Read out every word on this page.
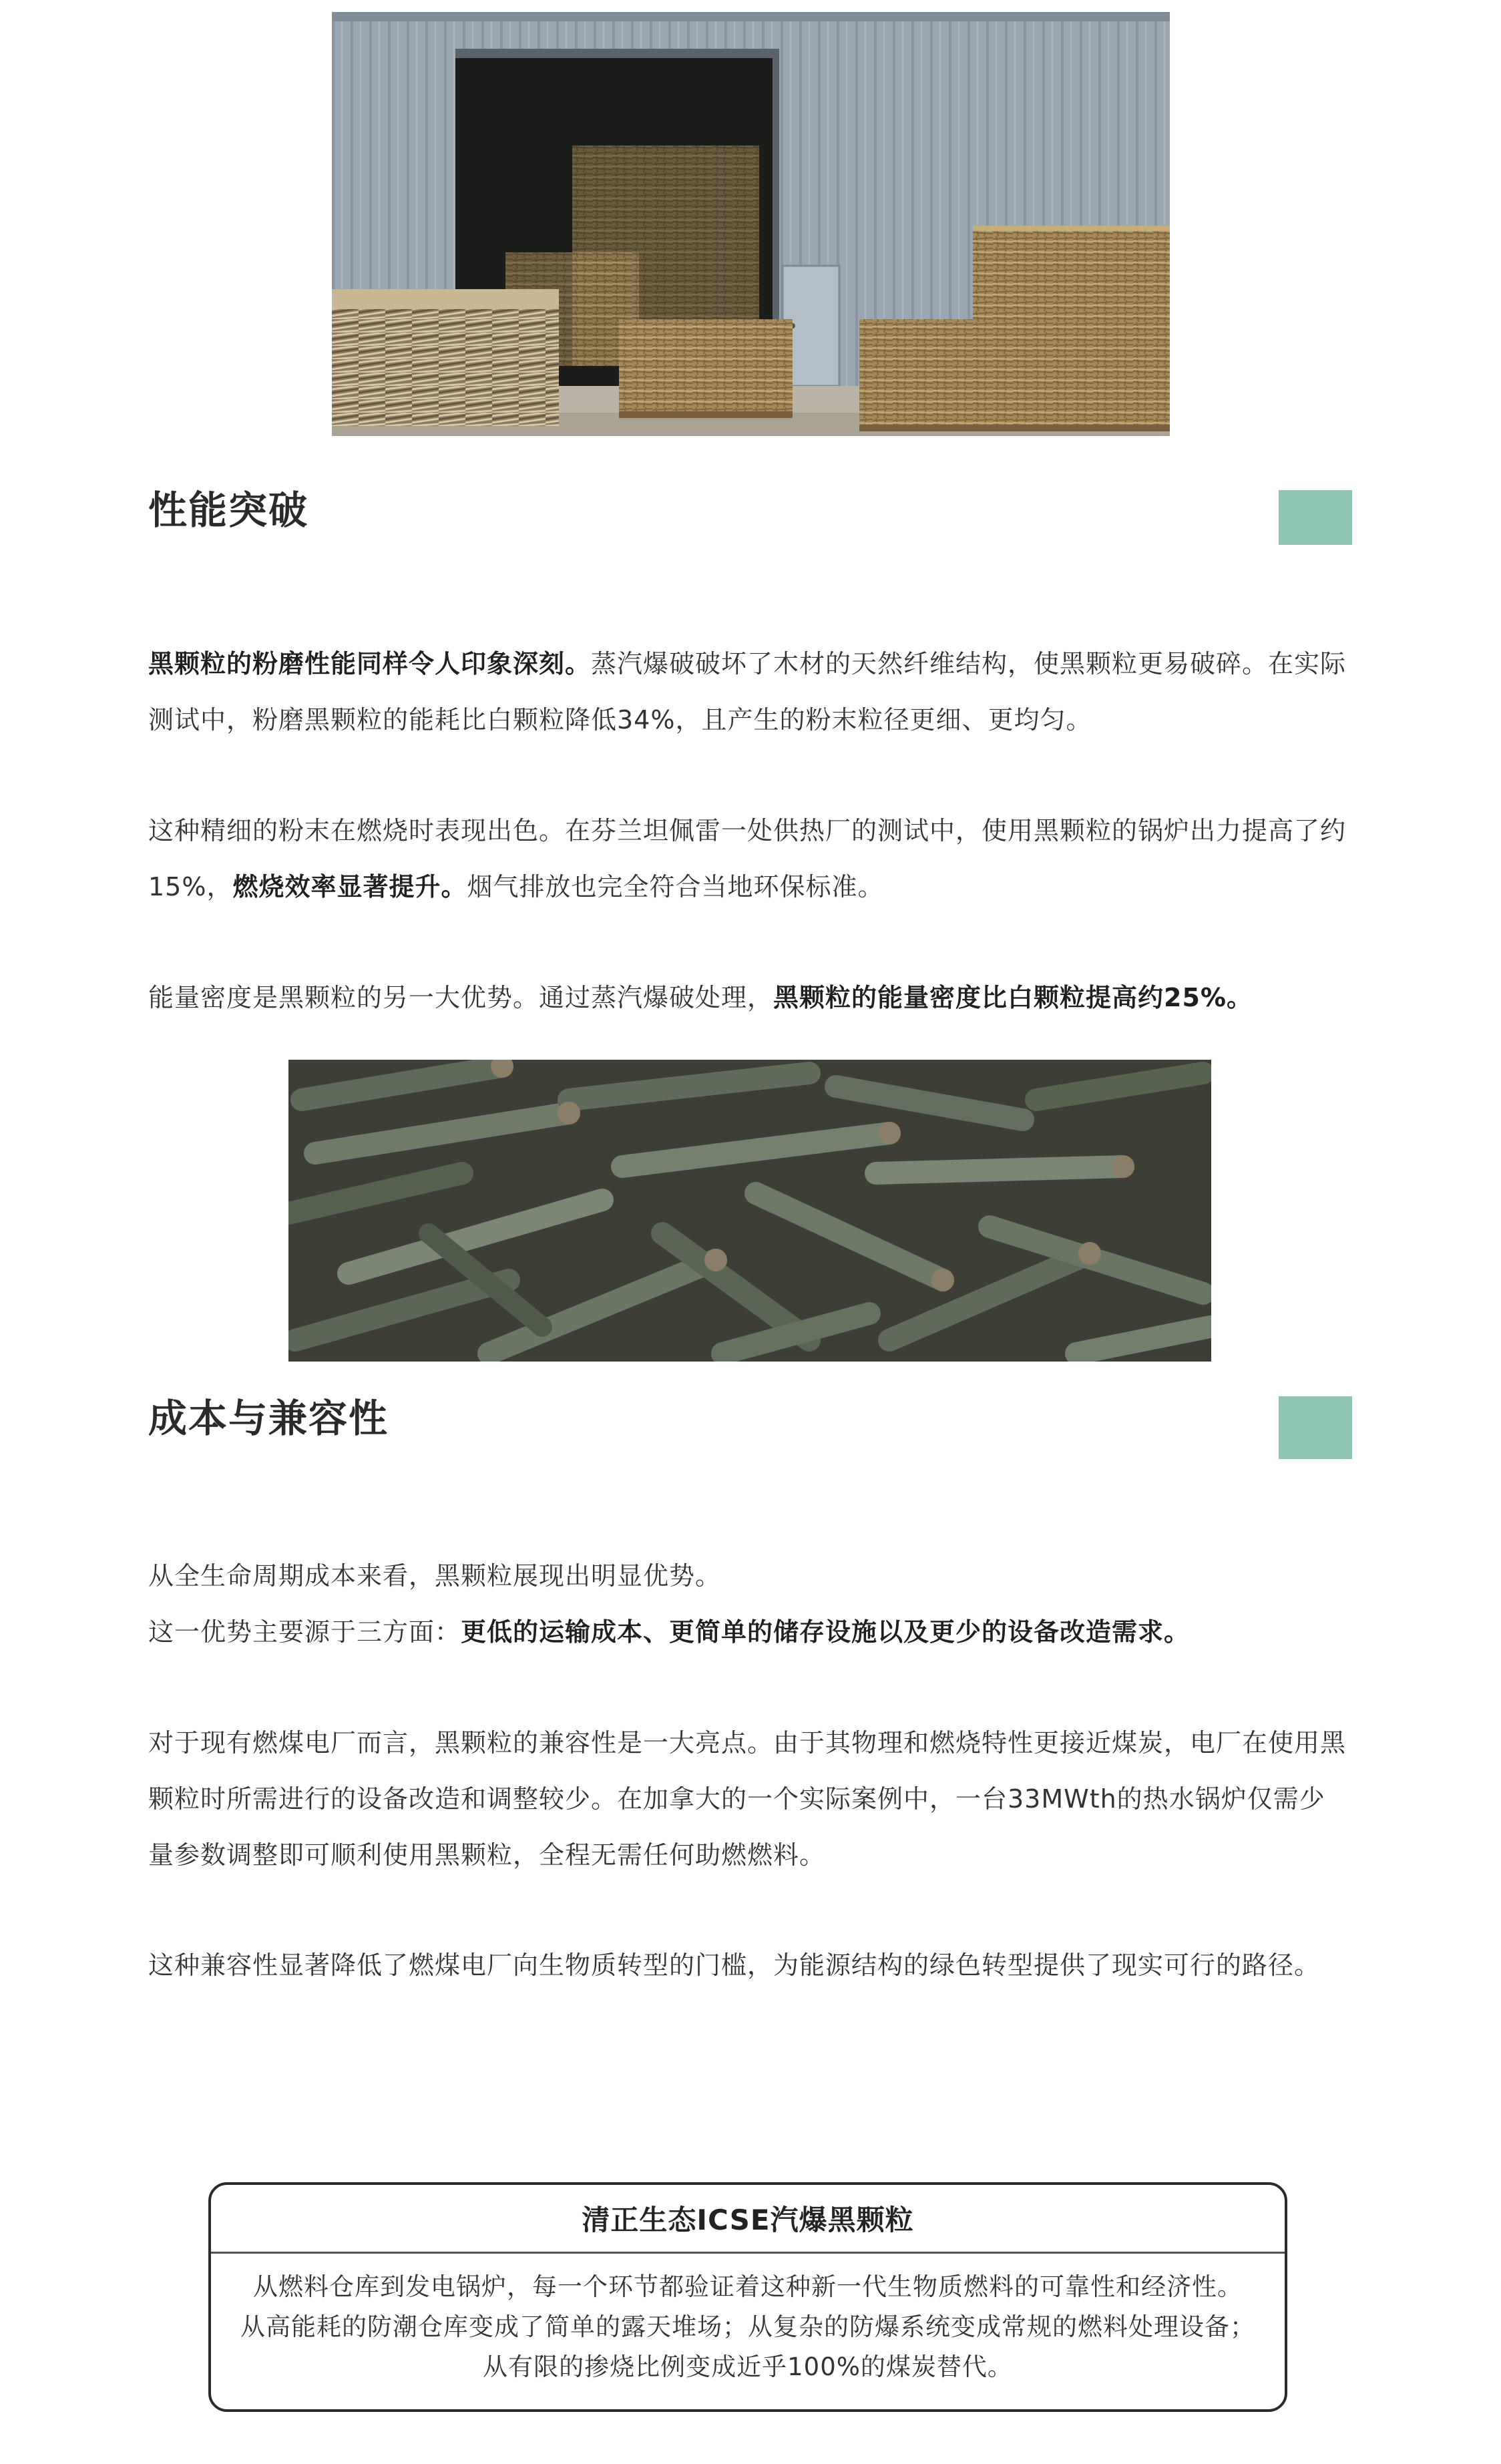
性能突破

黑颗粒的粉磨性能同样令人印象深刻。蒸汽爆破破坏了木材的天然纤维结构，使黑颗粒更易破碎。在实际测试中，粉磨黑颗粒的能耗比白颗粒降低34%，且产生的粉末粒径更细、更均匀。

这种精细的粉末在燃烧时表现出色。在芬兰坦佩雷一处供热厂的测试中，使用黑颗粒的锅炉出力提高了约15%，燃烧效率显著提升。烟气排放也完全符合当地环保标准。

能量密度是黑颗粒的另一大优势。通过蒸汽爆破处理，黑颗粒的能量密度比白颗粒提高约25%。

成本与兼容性
从全生命周期成本来看，黑颗粒展现出明显优势。
这一优势主要源于三方面：更低的运输成本、更简单的储存设施以及更少的设备改造需求。

对于现有燃煤电厂而言，黑颗粒的兼容性是一大亮点。由于其物理和燃烧特性更接近煤炭，电厂在使用黑颗粒时所需进行的设备改造和调整较少。在加拿大的一个实际案例中，一台33MWth的热水锅炉仅需少量参数调整即可顺利使用黑颗粒，全程无需任何助燃燃料。

这种兼容性显著降低了燃煤电厂向生物质转型的门槛，为能源结构的绿色转型提供了现实可行的路径。

清正生态ICSE汽爆黑颗粒
从燃料仓库到发电锅炉，每一个环节都验证着这种新一代生物质燃料的可靠性和经济性。
从高能耗的防潮仓库变成了简单的露天堆场；从复杂的防爆系统变成常规的燃料处理设备；从有限的掺烧比例变成近乎100%的煤炭替代。
